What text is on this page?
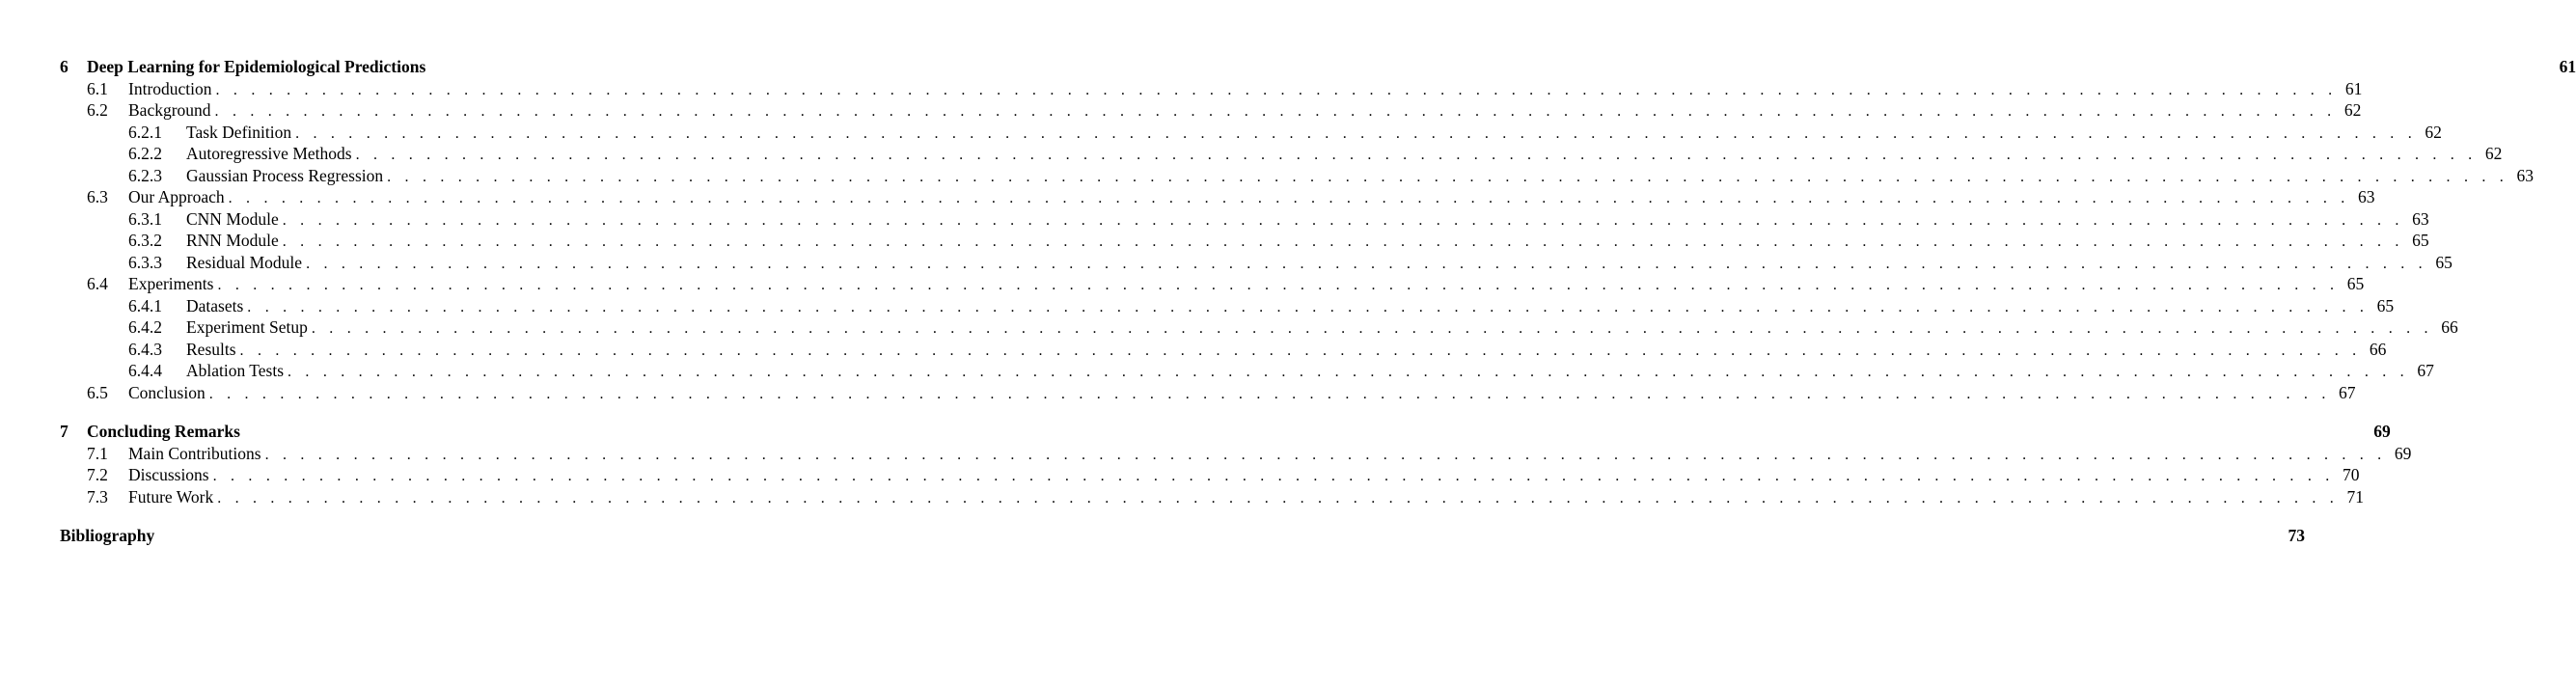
6	Deep Learning for Epidemiological Predictions	61
6.1	Introduction . . . . . . . . . . . . . . . . . . . . . . . . . . . . . . . . . . . . . . . . . . . . . . . . . . . . . . . . . . . . . . . . . . . . . . . . . . . . . . . . . . . . . . . . . . . . . . . . . . . . . . . . . . . . . . . . . . . . . . . . 61
6.2	Background . . . . . . . . . . . . . . . . . . . . . . . . . . . . . . . . . . . . . . . . . . . . . . . . . . . . . . . . . . . . . . . . . . . . . . . . . . . . . . . . . . . . . . . . . . . . . . . . . . . . . . . . . . . . . . . . . . . . . . . . 62
6.2.1	Task Definition . . . . . . . . . . . . . . . . . . . . . . . . . . . . . . . . . . . . . . . . . . . . . . . . . . . . . . . . . . . . . . . . . . . . . . . . . . . . . . . . . . . . . . . . . . . . . . . . . . . . . . . . . . . . . . . . . . . . . . . . 62
6.2.2	Autoregressive Methods . . . . . . . . . . . . . . . . . . . . . . . . . . . . . . . . . . . . . . . . . . . . . . . . . . . . . . . . . . . . . . . . . . . . . . . . . . . . . . . . . . . . . . . . . . . . . . . . . . . . . . . . . . . . . . . . . . . . . . . . 62
6.2.3	Gaussian Process Regression . . . . . . . . . . . . . . . . . . . . . . . . . . . . . . . . . . . . . . . . . . . . . . . . . . . . . . . . . . . . . . . . . . . . . . . . . . . . . . . . . . . . . . . . . . . . . . . . . . . . . . . . . . . . . . . . . . . . . . . . 63
6.3	Our Approach . . . . . . . . . . . . . . . . . . . . . . . . . . . . . . . . . . . . . . . . . . . . . . . . . . . . . . . . . . . . . . . . . . . . . . . . . . . . . . . . . . . . . . . . . . . . . . . . . . . . . . . . . . . . . . . . . . . . . . . . 63
6.3.1	CNN Module . . . . . . . . . . . . . . . . . . . . . . . . . . . . . . . . . . . . . . . . . . . . . . . . . . . . . . . . . . . . . . . . . . . . . . . . . . . . . . . . . . . . . . . . . . . . . . . . . . . . . . . . . . . . . . . . . . . . . . . . 63
6.3.2	RNN Module . . . . . . . . . . . . . . . . . . . . . . . . . . . . . . . . . . . . . . . . . . . . . . . . . . . . . . . . . . . . . . . . . . . . . . . . . . . . . . . . . . . . . . . . . . . . . . . . . . . . . . . . . . . . . . . . . . . . . . . . 65
6.3.3	Residual Module . . . . . . . . . . . . . . . . . . . . . . . . . . . . . . . . . . . . . . . . . . . . . . . . . . . . . . . . . . . . . . . . . . . . . . . . . . . . . . . . . . . . . . . . . . . . . . . . . . . . . . . . . . . . . . . . . . . . . . . . 65
6.4	Experiments . . . . . . . . . . . . . . . . . . . . . . . . . . . . . . . . . . . . . . . . . . . . . . . . . . . . . . . . . . . . . . . . . . . . . . . . . . . . . . . . . . . . . . . . . . . . . . . . . . . . . . . . . . . . . . . . . . . . . . . . 65
6.4.1	Datasets . . . . . . . . . . . . . . . . . . . . . . . . . . . . . . . . . . . . . . . . . . . . . . . . . . . . . . . . . . . . . . . . . . . . . . . . . . . . . . . . . . . . . . . . . . . . . . . . . . . . . . . . . . . . . . . . . . . . . . . . 65
6.4.2	Experiment Setup . . . . . . . . . . . . . . . . . . . . . . . . . . . . . . . . . . . . . . . . . . . . . . . . . . . . . . . . . . . . . . . . . . . . . . . . . . . . . . . . . . . . . . . . . . . . . . . . . . . . . . . . . . . . . . . . . . . . . . . . 66
6.4.3	Results . . . . . . . . . . . . . . . . . . . . . . . . . . . . . . . . . . . . . . . . . . . . . . . . . . . . . . . . . . . . . . . . . . . . . . . . . . . . . . . . . . . . . . . . . . . . . . . . . . . . . . . . . . . . . . . . . . . . . . . . 66
6.4.4	Ablation Tests . . . . . . . . . . . . . . . . . . . . . . . . . . . . . . . . . . . . . . . . . . . . . . . . . . . . . . . . . . . . . . . . . . . . . . . . . . . . . . . . . . . . . . . . . . . . . . . . . . . . . . . . . . . . . . . . . . . . . . . . 67
6.5	Conclusion . . . . . . . . . . . . . . . . . . . . . . . . . . . . . . . . . . . . . . . . . . . . . . . . . . . . . . . . . . . . . . . . . . . . . . . . . . . . . . . . . . . . . . . . . . . . . . . . . . . . . . . . . . . . . . . . . . . . . . . . 67
7	Concluding Remarks	69
7.1	Main Contributions . . . . . . . . . . . . . . . . . . . . . . . . . . . . . . . . . . . . . . . . . . . . . . . . . . . . . . . . . . . . . . . . . . . . . . . . . . . . . . . . . . . . . . . . . . . . . . . . . . . . . . . . . . . . . . . . . . . . . . . . 69
7.2	Discussions . . . . . . . . . . . . . . . . . . . . . . . . . . . . . . . . . . . . . . . . . . . . . . . . . . . . . . . . . . . . . . . . . . . . . . . . . . . . . . . . . . . . . . . . . . . . . . . . . . . . . . . . . . . . . . . . . . . . . . . . 70
7.3	Future Work . . . . . . . . . . . . . . . . . . . . . . . . . . . . . . . . . . . . . . . . . . . . . . . . . . . . . . . . . . . . . . . . . . . . . . . . . . . . . . . . . . . . . . . . . . . . . . . . . . . . . . . . . . . . . . . . . . . . . . . . 71
Bibliography	73
